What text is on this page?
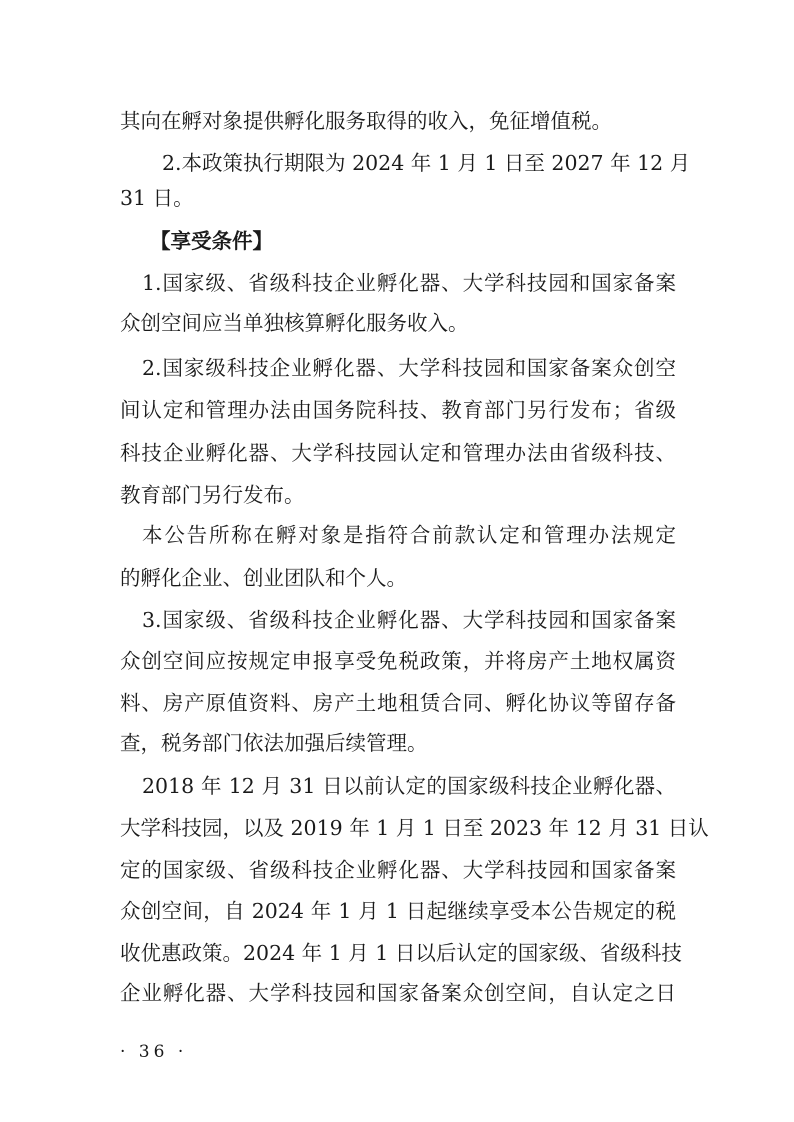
其向在孵对象提供孵化服务取得的收入，免征增值税。
2.本政策执行期限为 2024 年 1 月 1 日至 2027 年 12 月
31 日。
【享受条件】
1.国家级、省级科技企业孵化器、大学科技园和国家备案
众创空间应当单独核算孵化服务收入。
2.国家级科技企业孵化器、大学科技园和国家备案众创空
间认定和管理办法由国务院科技、教育部门另行发布；省级
科技企业孵化器、大学科技园认定和管理办法由省级科技、
教育部门另行发布。
本公告所称在孵对象是指符合前款认定和管理办法规定
的孵化企业、创业团队和个人。
3.国家级、省级科技企业孵化器、大学科技园和国家备案
众创空间应按规定申报享受免税政策，并将房产土地权属资
料、房产原值资料、房产土地租赁合同、孵化协议等留存备
查，税务部门依法加强后续管理。
2018 年 12 月 31 日以前认定的国家级科技企业孵化器、
大学科技园，以及 2019 年 1 月 1 日至 2023 年 12 月 31 日认
定的国家级、省级科技企业孵化器、大学科技园和国家备案
众创空间，自 2024 年 1 月 1 日起继续享受本公告规定的税
收优惠政策。2024 年 1 月 1 日以后认定的国家级、省级科技
企业孵化器、大学科技园和国家备案众创空间，自认定之日
· 36 ·
